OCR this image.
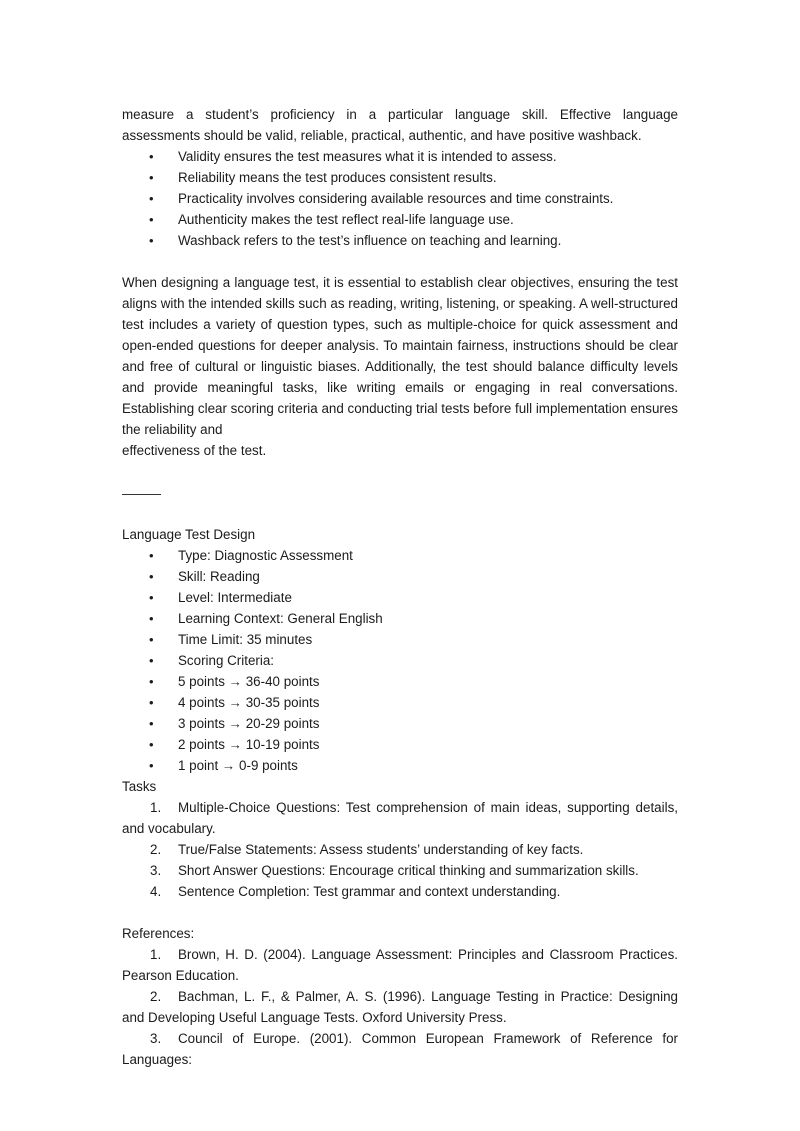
measure a student’s proficiency in a particular language skill. Effective language assessments should be valid, reliable, practical, authentic, and have positive washback.

• Validity ensures the test measures what it is intended to assess.
• Reliability means the test produces consistent results.
• Practicality involves considering available resources and time constraints.
• Authenticity makes the test reflect real-life language use.
• Washback refers to the test’s influence on teaching and learning.

When designing a language test, it is essential to establish clear objectives, ensuring the test aligns with the intended skills such as reading, writing, listening, or speaking. A well-structured test includes a variety of question types, such as multiple-choice for quick assessment and open-ended questions for deeper analysis. To maintain fairness, instructions should be clear and free of cultural or linguistic biases. Additionally, the test should balance difficulty levels and provide meaningful tasks, like writing emails or engaging in real conversations. Establishing clear scoring criteria and conducting trial tests before full implementation ensures the reliability and

effectiveness of the test.

Language Test Design
• Type: Diagnostic Assessment
• Skill: Reading
• Level: Intermediate
• Learning Context: General English
• Time Limit: 35 minutes
• Scoring Criteria:
• 5 points → 36-40 points
• 4 points → 30-35 points
• 3 points → 20-29 points
• 2 points → 10-19 points
• 1 point → 0-9 points
Tasks
1. Multiple-Choice Questions: Test comprehension of main ideas, supporting details, and vocabulary.
2. True/False Statements: Assess students’ understanding of key facts.
3. Short Answer Questions: Encourage critical thinking and summarization skills.
4. Sentence Completion: Test grammar and context understanding.
References:
1. Brown, H. D. (2004). Language Assessment: Principles and Classroom Practices. Pearson Education.
2. Bachman, L. F., & Palmer, A. S. (1996). Language Testing in Practice: Designing and Developing Useful Language Tests. Oxford University Press.
3. Council of Europe. (2001). Common European Framework of Reference for Languages:
